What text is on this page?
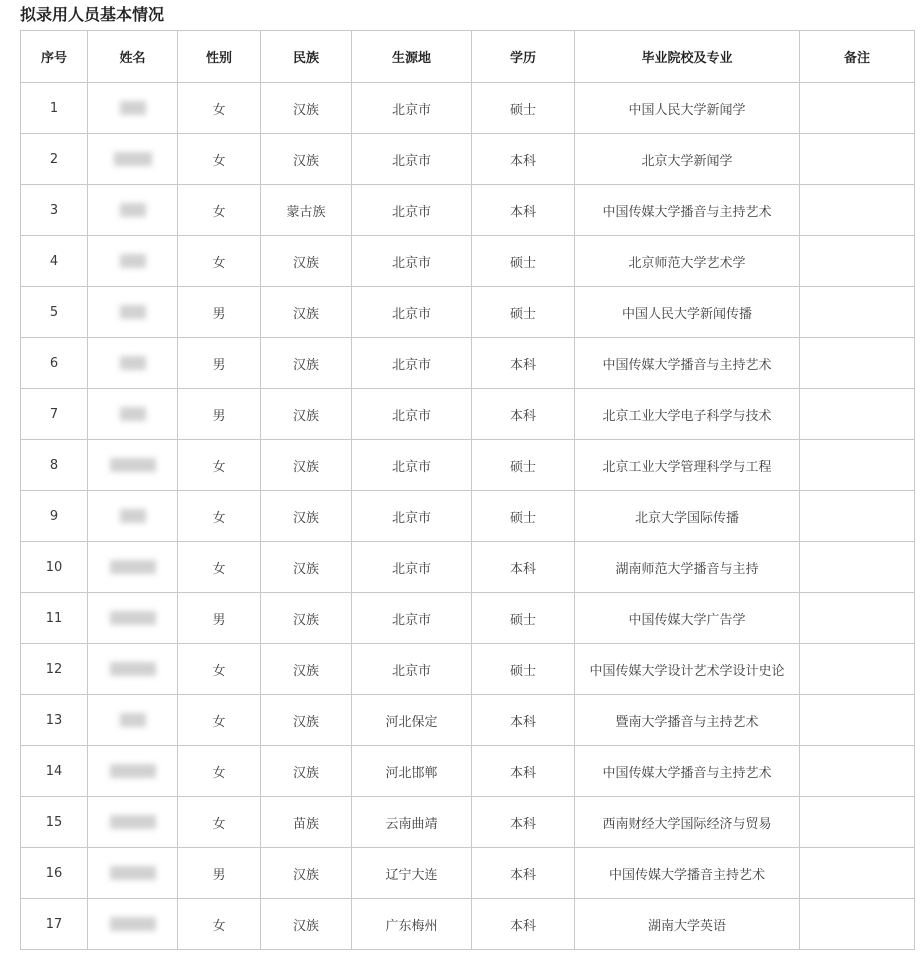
拟录用人员基本情况
序号	姓名	性别	民族	生源地	学历	毕业院校及专业	备注
1		女	汉族	北京市	硕士	中国人民大学新闻学	
2		女	汉族	北京市	本科	北京大学新闻学	
3		女	蒙古族	北京市	本科	中国传媒大学播音与主持艺术	
4		女	汉族	北京市	硕士	北京师范大学艺术学	
5		男	汉族	北京市	硕士	中国人民大学新闻传播	
6		男	汉族	北京市	本科	中国传媒大学播音与主持艺术	
7		男	汉族	北京市	本科	北京工业大学电子科学与技术	
8		女	汉族	北京市	硕士	北京工业大学管理科学与工程	
9		女	汉族	北京市	硕士	北京大学国际传播	
10		女	汉族	北京市	本科	湖南师范大学播音与主持	
11		男	汉族	北京市	硕士	中国传媒大学广告学	
12		女	汉族	北京市	硕士	中国传媒大学设计艺术学设计史论	
13		女	汉族	河北保定	本科	暨南大学播音与主持艺术	
14		女	汉族	河北邯郸	本科	中国传媒大学播音与主持艺术	
15		女	苗族	云南曲靖	本科	西南财经大学国际经济与贸易	
16		男	汉族	辽宁大连	本科	中国传媒大学播音主持艺术	
17		女	汉族	广东梅州	本科	湖南大学英语	
